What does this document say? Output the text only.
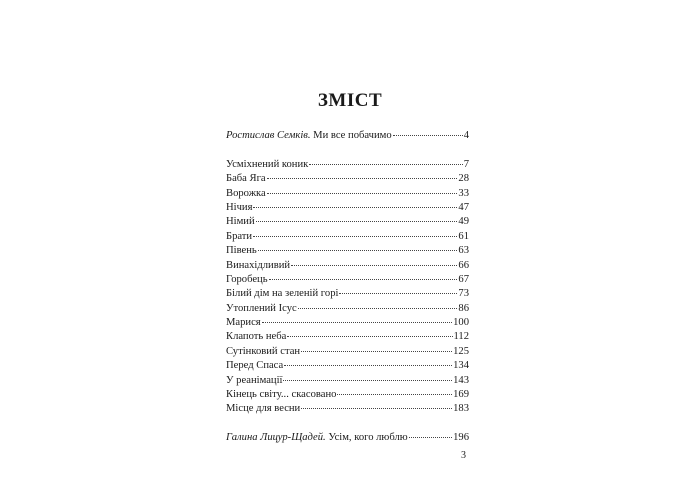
ЗМІСТ
Ростислав Семків. Ми все побачимо	4
Усміхнений коник	7
Баба Яга	28
Ворожка	33
Нічия	47
Німий	49
Брати	61
Півень	63
Винахідливий	66
Горобець	67
Білий дім на зеленій горі	73
Утоплений Ісус	86
Марися	100
Клапоть неба	112
Сутінковий стан	125
Перед Спаса	134
У реанімації	143
Кінець світу... скасовано	169
Місце для весни	183
Галина Лицур-Щадей. Усім, кого люблю	196
3
